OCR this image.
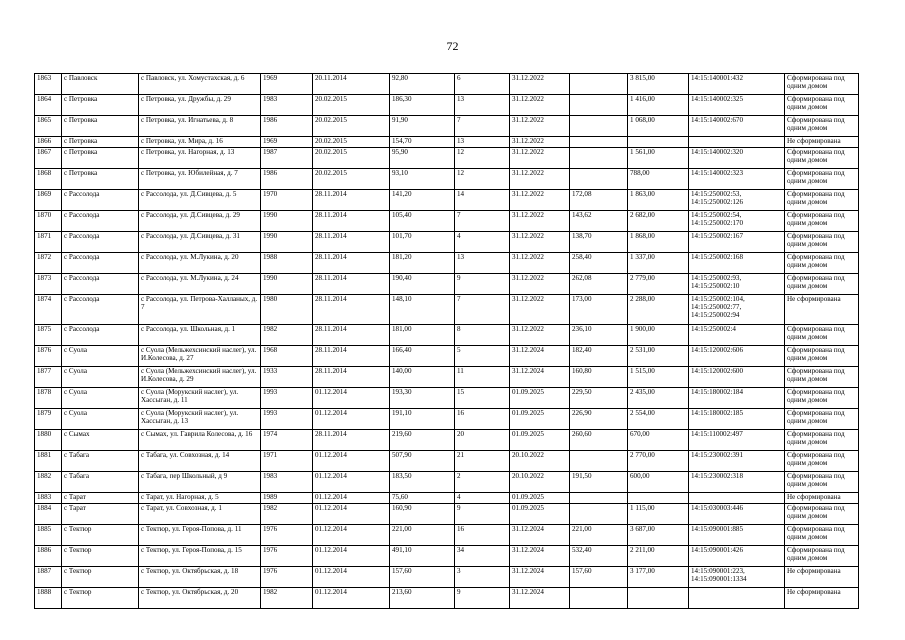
72
1863	с Павловск	с Павловск, ул. Хомустахская, д. 6	1969	20.11.2014	92,80	6	31.12.2022		3 815,00	14:15:140001:432	Сформирована под одним домом
1864	с Петровка	с Петровка, ул. Дружбы, д. 29	1983	20.02.2015	186,30	13	31.12.2022		1 416,00	14:15:140002:325	Сформирована под одним домом
1865	с Петровка	с Петровка, ул. Игнатьева, д. 8	1986	20.02.2015	91,90	7	31.12.2022		1 068,00	14:15:140002:670	Сформирована под одним домом
1866	с Петровка	с Петровка, ул. Мира, д. 16	1969	20.02.2015	154,70	13	31.12.2022				Не сформирована
1867	с Петровка	с Петровка, ул. Нагорная, д. 13	1987	20.02.2015	95,90	12	31.12.2022		1 561,00	14:15:140002:320	Сформирована под одним домом
1868	с Петровка	с Петровка, ул. Юбилейная, д. 7	1986	20.02.2015	93,10	12	31.12.2022		788,00	14:15:140002:323	Сформирована под одним домом
1869	с Рассолода	с Рассолода, ул. Д.Сивцева, д. 5	1970	28.11.2014	141,20	14	31.12.2022	172,08	1 863,00	14:15:250002:53, 14:15:250002:126	Сформирована под одним домом
1870	с Рассолода	с Рассолода, ул. Д.Сивцева, д. 29	1990	28.11.2014	105,40	7	31.12.2022	143,62	2 682,00	14:15:250002:54, 14:15:250002:170	Сформирована под одним домом
1871	с Рассолода	с Рассолода, ул. Д.Сивцева, д. 31	1990	28.11.2014	101,70	4	31.12.2022	138,70	1 868,00	14:15:250002:167	Сформирована под одним домом
1872	с Рассолода	с Рассолода, ул. М.Лукина, д. 20	1988	28.11.2014	181,20	13	31.12.2022	258,40	1 337,00	14:15:250002:168	Сформирована под одним домом
1873	с Рассолода	с Рассолода, ул. М.Лукина, д. 24	1990	28.11.2014	190,40	9	31.12.2022	262,08	2 779,00	14:15:250002:93, 14:15:250002:10	Сформирована под одним домом
1874	с Рассолода	с Рассолода, ул. Петрова-Халланых, д. 7	1980	28.11.2014	148,10	7	31.12.2022	173,00	2 288,00	14:15:250002:104, 14:15:250002:77, 14:15:250002:94	Не сформирована
1875	с Рассолода	с Рассолода, ул. Школьная, д. 1	1982	28.11.2014	181,00	8	31.12.2022	236,10	1 900,00	14:15:250002:4	Сформирована под одним домом
1876	с Суола	с Суола (Мельжехсинский наслег), ул. И.Колесова, д. 27	1968	28.11.2014	166,40	5	31.12.2024	182,40	2 531,00	14:15:120002:606	Сформирована под одним домом
1877	с Суола	с Суола (Мельжехсинский наслег), ул. И.Колесова, д. 29	1933	28.11.2014	140,00	11	31.12.2024	160,80	1 515,00	14:15:120002:600	Сформирована под одним домом
1878	с Суола	с Суола (Морукский наслег), ул. Хассыган, д. 11	1993	01.12.2014	193,30	15	01.09.2025	229,50	2 435,00	14:15:180002:184	Сформирована под одним домом
1879	с Суола	с Суола (Морукский наслег), ул. Хассыган, д. 13	1993	01.12.2014	191,10	16	01.09.2025	226,90	2 554,00	14:15:180002:185	Сформирована под одним домом
1880	с Сымах	с Сымах, ул. Гаврила Колесова, д. 16	1974	28.11.2014	219,60	20	01.09.2025	260,60	670,00	14:15:110002:497	Сформирована под одним домом
1881	с Табага	с Табага, ул. Совхозная, д. 14	1971	01.12.2014	507,90	21	20.10.2022		2 770,00	14:15:230002:391	Сформирована под одним домом
1882	с Табага	с Табага, пер Школьный, д 9	1983	01.12.2014	183,50	2	20.10.2022	191,50	600,00	14:15:230002:318	Сформирована под одним домом
1883	с Тарат	с Тарат, ул. Нагорная, д. 5	1989	01.12.2014	75,60	4	01.09.2025				Не сформирована
1884	с Тарат	с Тарат, ул. Совхозная, д. 1	1982	01.12.2014	160,90	9	01.09.2025		1 115,00	14:15:030003:446	Сформирована под одним домом
1885	с Тектюр	с Тектюр, ул. Героя-Попова, д. 11	1976	01.12.2014	221,00	16	31.12.2024	221,00	3 687,00	14:15:090001:885	Сформирована под одним домом
1886	с Тектюр	с Тектюр, ул. Героя-Попова, д. 15	1976	01.12.2014	491,10	34	31.12.2024	532,40	2 211,00	14:15:090001:426	Сформирована под одним домом
1887	с Тектюр	с Тектюр, ул. Октябрьская, д. 18	1976	01.12.2014	157,60	3	31.12.2024	157,60	3 177,00	14:15:090001:223, 14:15:090001:1334	Не сформирована
1888	с Тектюр	с Тектюр, ул. Октябрьская, д. 20	1982	01.12.2014	213,60	9	31.12.2024				Не сформирована
